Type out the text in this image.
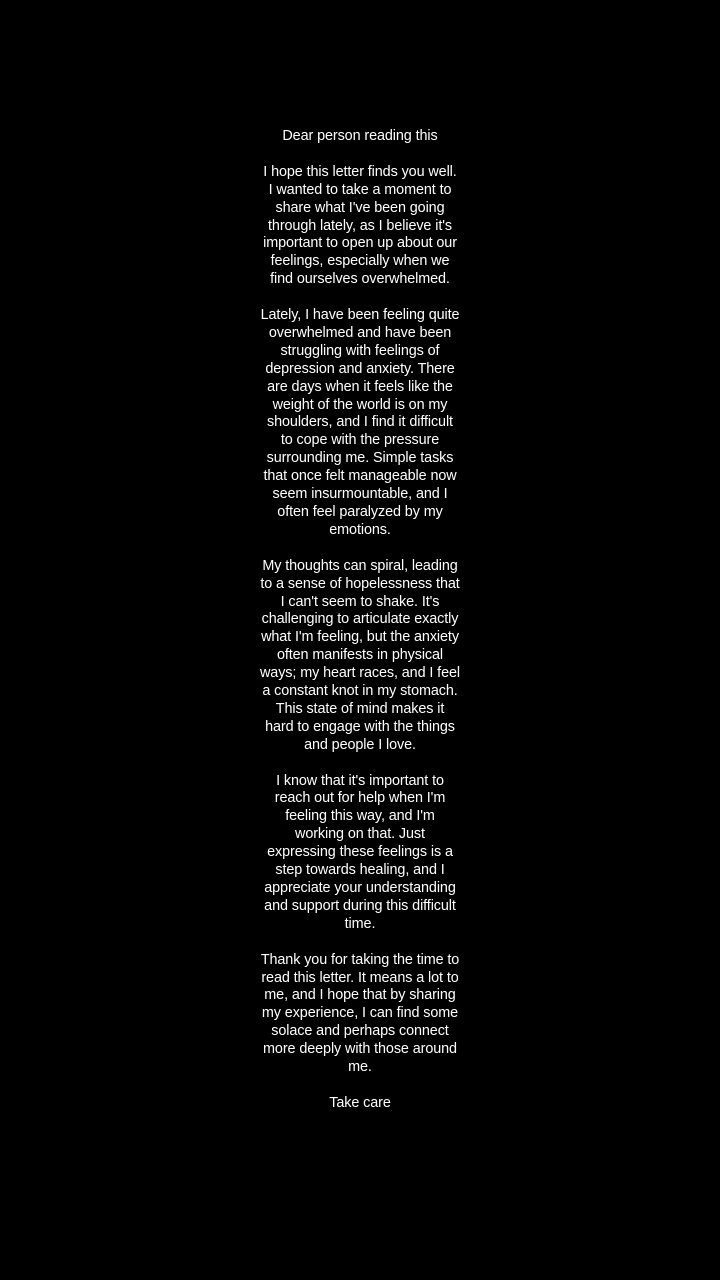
Dear person reading this

I hope this letter finds you well. I wanted to take a moment to share what I've been going through lately, as I believe it's important to open up about our feelings, especially when we find ourselves overwhelmed.

Lately, I have been feeling quite overwhelmed and have been struggling with feelings of depression and anxiety. There are days when it feels like the weight of the world is on my shoulders, and I find it difficult to cope with the pressure surrounding me. Simple tasks that once felt manageable now seem insurmountable, and I often feel paralyzed by my emotions.

My thoughts can spiral, leading to a sense of hopelessness that I can't seem to shake. It's challenging to articulate exactly what I'm feeling, but the anxiety often manifests in physical ways; my heart races, and I feel a constant knot in my stomach. This state of mind makes it hard to engage with the things and people I love.

I know that it's important to reach out for help when I'm feeling this way, and I'm working on that. Just expressing these feelings is a step towards healing, and I appreciate your understanding and support during this difficult time.

Thank you for taking the time to read this letter. It means a lot to me, and I hope that by sharing my experience, I can find some solace and perhaps connect more deeply with those around me.

Take care
